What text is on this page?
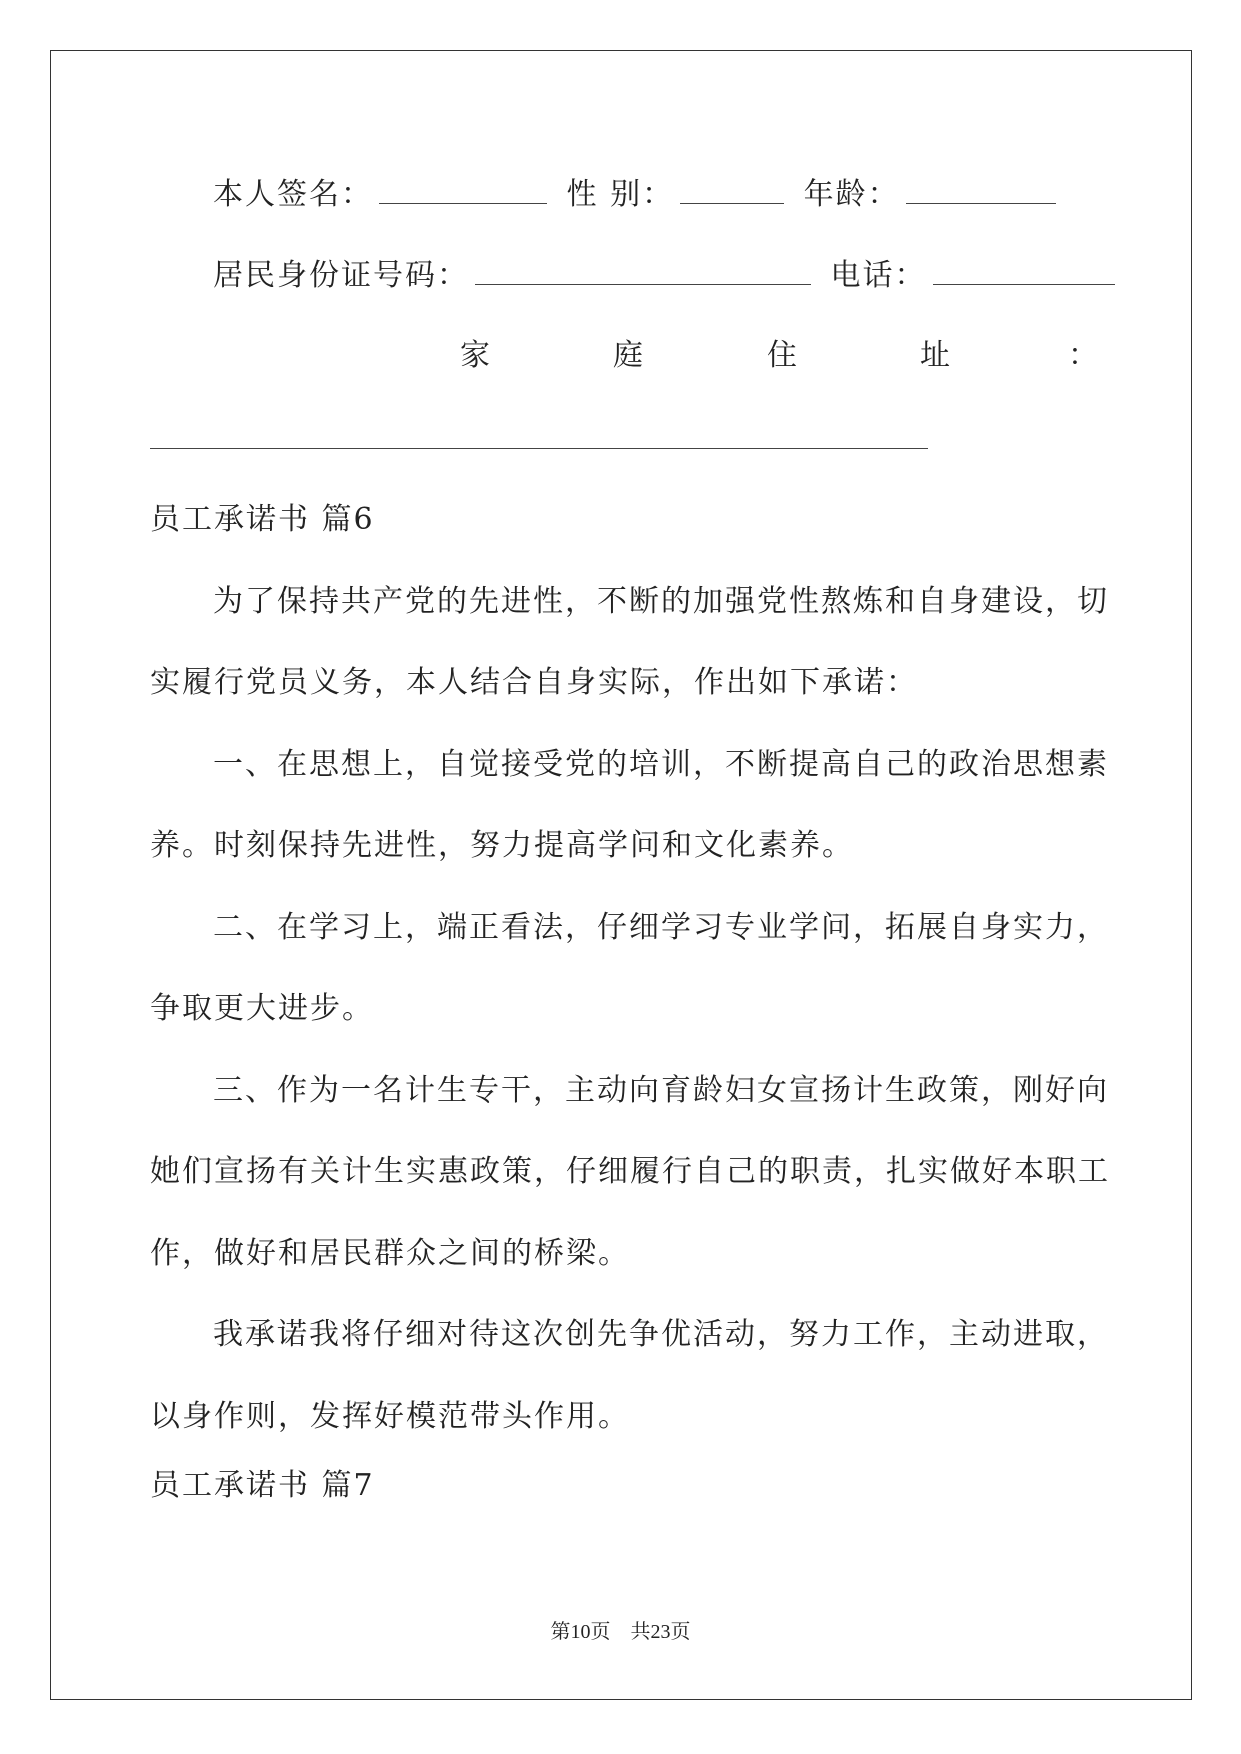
本人签名：	性 别：	年龄：
居民身份证号码：	电话：
家	庭	住	址	：
员工承诺书 篇6
为了保持共产党的先进性，不断的加强党性熬炼和自身建设，切
实履行党员义务，本人结合自身实际，作出如下承诺：
一、在思想上，自觉接受党的培训，不断提高自己的政治思想素
养。时刻保持先进性，努力提高学问和文化素养。
二、在学习上，端正看法，仔细学习专业学问，拓展自身实力，
争取更大进步。
三、作为一名计生专干，主动向育龄妇女宣扬计生政策，刚好向
她们宣扬有关计生实惠政策，仔细履行自己的职责，扎实做好本职工
作，做好和居民群众之间的桥梁。
我承诺我将仔细对待这次创先争优活动，努力工作，主动进取，
以身作则，发挥好模范带头作用。
员工承诺书 篇7
第10页　共23页
